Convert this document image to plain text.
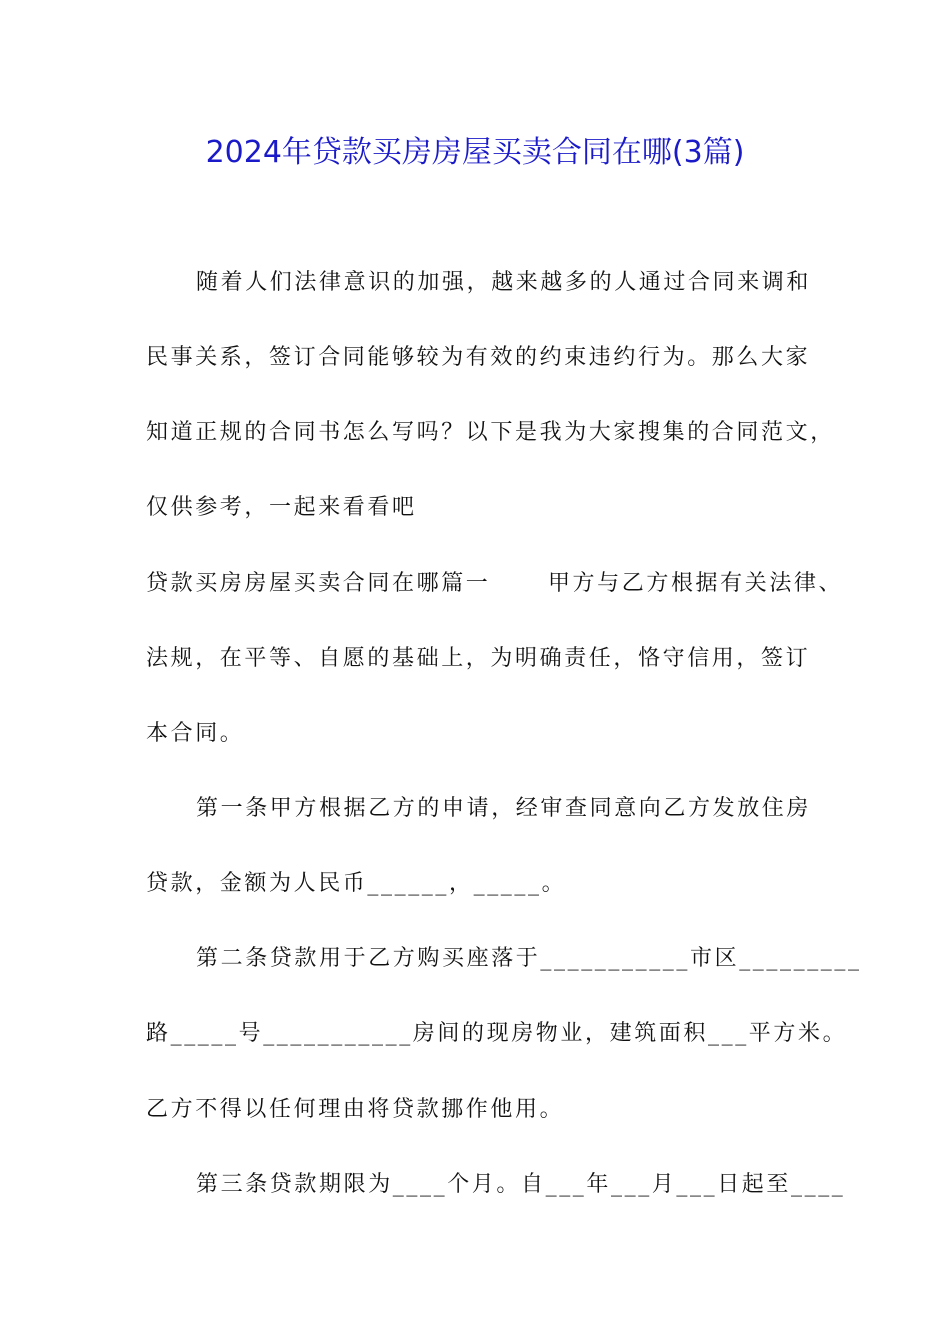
2024年贷款买房房屋买卖合同在哪(3篇)
随着人们法律意识的加强，越来越多的人通过合同来调和
民事关系，签订合同能够较为有效的约束违约行为。那么大家
知道正规的合同书怎么写吗？以下是我为大家搜集的合同范文，
仅供参考，一起来看看吧
贷款买房房屋买卖合同在哪篇一      甲方与乙方根据有关法律、
法规，在平等、自愿的基础上，为明确责任，恪守信用，签订
本合同。
第一条甲方根据乙方的申请，经审查同意向乙方发放住房
贷款，金额为人民币______，_____。
第二条贷款用于乙方购买座落于___________市区_________
路_____号___________房间的现房物业，建筑面积___平方米。
乙方不得以任何理由将贷款挪作他用。
第三条贷款期限为____个月。自___年___月___日起至____
